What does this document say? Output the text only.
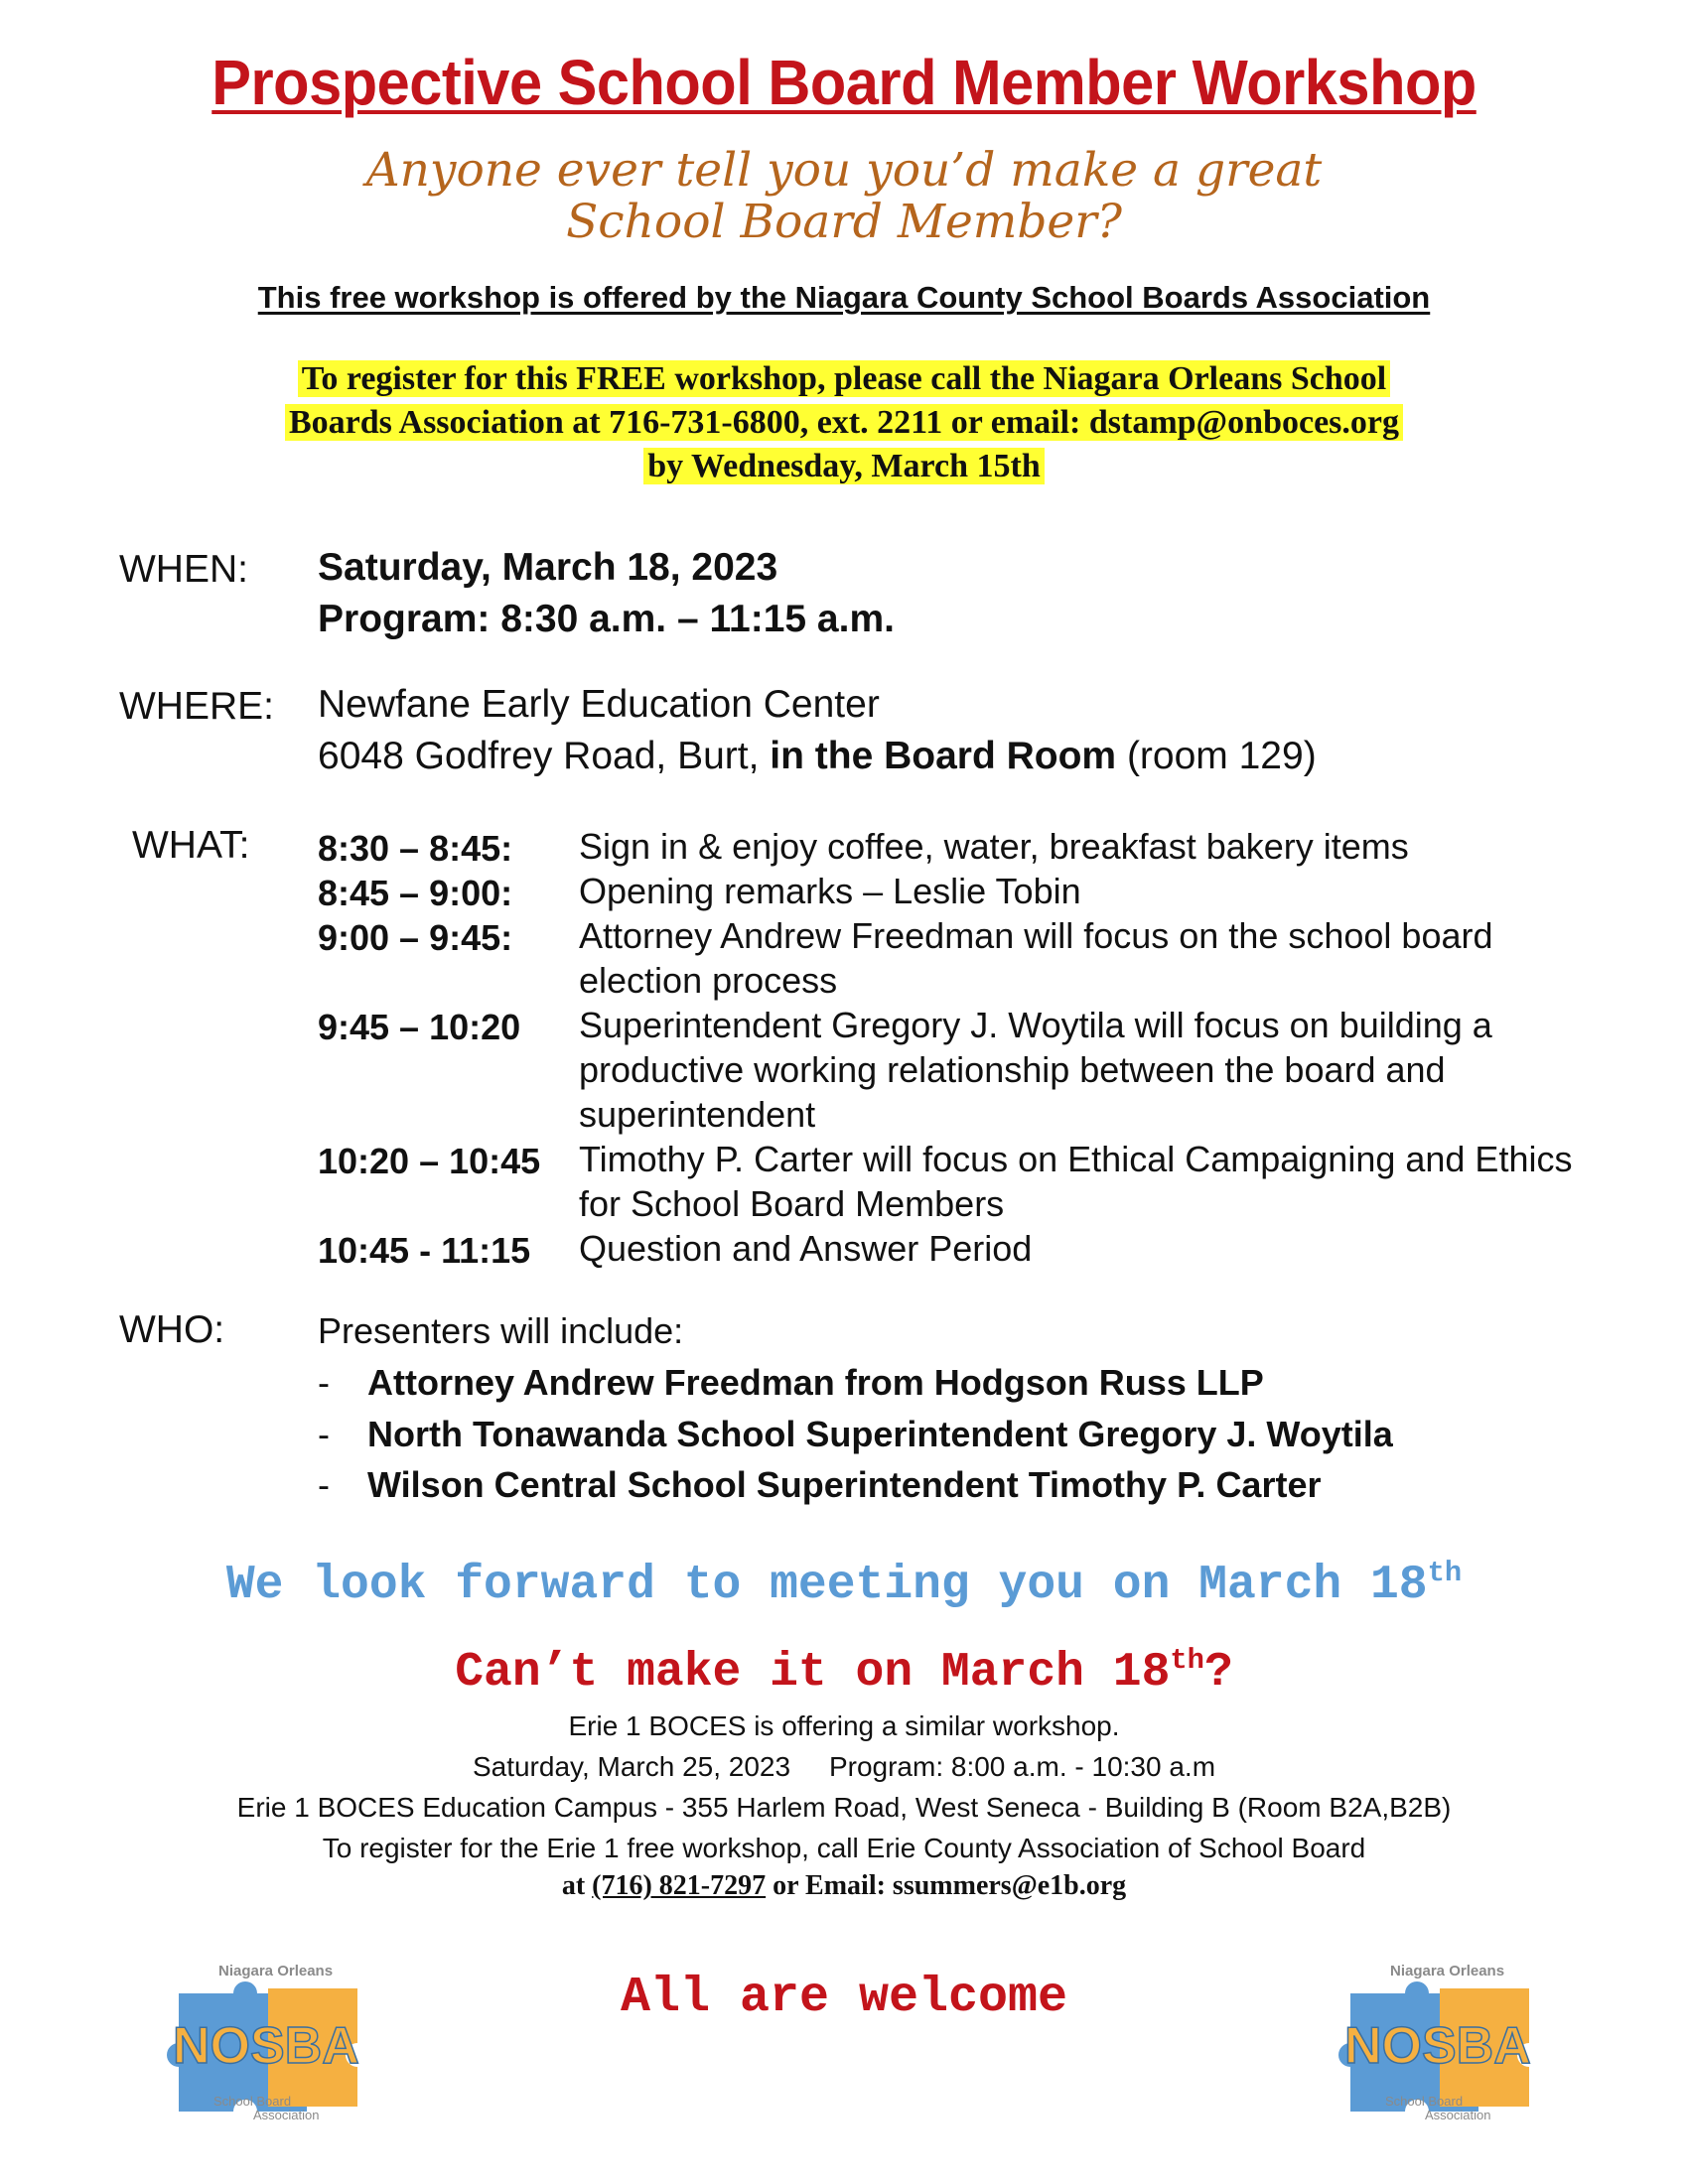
Prospective School Board Member Workshop
Anyone ever tell you you’d make a great
School Board Member?
This free workshop is offered by the Niagara County School Boards Association
To register for this FREE workshop, please call the Niagara Orleans School
Boards Association at 716-731-6800, ext. 2211 or email: dstamp@onboces.org
by Wednesday, March 15th
WHEN: Saturday, March 18, 2023
Program: 8:30 a.m. – 11:15 a.m.
WHERE: Newfane Early Education Center
6048 Godfrey Road, Burt, in the Board Room (room 129)
WHAT: 8:30 – 8:45: Sign in & enjoy coffee, water, breakfast bakery items
8:45 – 9:00: Opening remarks – Leslie Tobin
9:00 – 9:45: Attorney Andrew Freedman will focus on the school board election process
9:45 – 10:20 Superintendent Gregory J. Woytila will focus on building a productive working relationship between the board and superintendent
10:20 – 10:45 Timothy P. Carter will focus on Ethical Campaigning and Ethics for School Board Members
10:45 - 11:15 Question and Answer Period
WHO:	Presenters will include:
- Attorney Andrew Freedman from Hodgson Russ LLP
- North Tonawanda School Superintendent Gregory J. Woytila
- Wilson Central School Superintendent Timothy P. Carter
We look forward to meeting you on March 18th
Can’t make it on March 18th?
Erie 1 BOCES is offering a similar workshop.
Saturday, March 25, 2023     Program: 8:00 a.m. - 10:30 a.m
Erie 1 BOCES Education Campus - 355 Harlem Road, West Seneca - Building B (Room B2A,B2B)
To register for the Erie 1 free workshop, call Erie County Association of School Board
at (716) 821-7297 or Email: ssummers@e1b.org
All are welcome
Niagara Orleans
NOSBA
School Board
Association
Niagara Orleans
NOSBA
School Board
Association
